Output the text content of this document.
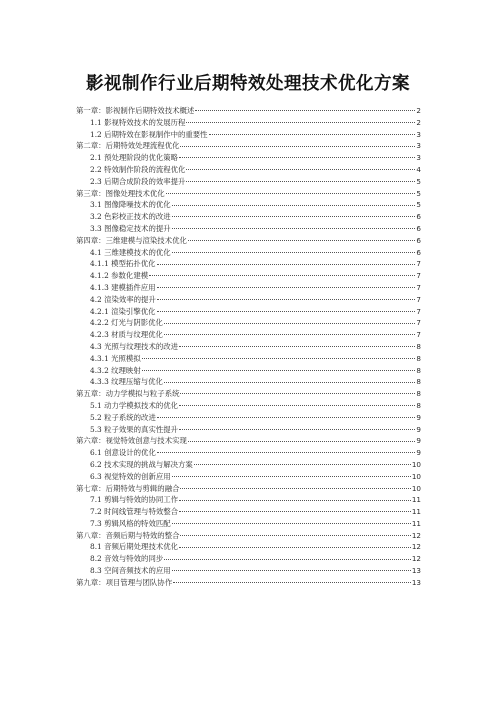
影视制作行业后期特效处理技术优化方案
第一章：影视制作后期特效技术概述	2
1.1 影视特效技术的发展历程	2
1.2 后期特效在影视制作中的重要性	3
第二章：后期特效处理流程优化	3
2.1 预处理阶段的优化策略	3
2.2 特效制作阶段的流程优化	4
2.3 后期合成阶段的效率提升	5
第三章：图像处理技术优化	5
3.1 图像降噪技术的优化	5
3.2 色彩校正技术的改进	6
3.3 图像稳定技术的提升	6
第四章：三维建模与渲染技术优化	6
4.1 三维建模技术的优化	6
4.1.1 模型拓扑优化	7
4.1.2 参数化建模	7
4.1.3 建模插件应用	7
4.2 渲染效率的提升	7
4.2.1 渲染引擎优化	7
4.2.2 灯光与阴影优化	7
4.2.3 材质与纹理优化	7
4.3 光照与纹理技术的改进	8
4.3.1 光照模拟	8
4.3.2 纹理映射	8
4.3.3 纹理压缩与优化	8
第五章：动力学模拟与粒子系统	8
5.1 动力学模拟技术的优化	8
5.2 粒子系统的改进	9
5.3 粒子效果的真实性提升	9
第六章：视觉特效创意与技术实现	9
6.1 创意设计的优化	9
6.2 技术实现的挑战与解决方案	10
6.3 视觉特效的创新应用	10
第七章：后期特效与剪辑的融合	10
7.1 剪辑与特效的协同工作	11
7.2 时间线管理与特效整合	11
7.3 剪辑风格的特效匹配	11
第八章：音频后期与特效的整合	12
8.1 音频后期处理技术优化	12
8.2 音效与特效的同步	12
8.3 空间音频技术的应用	13
第九章：项目管理与团队协作	13
